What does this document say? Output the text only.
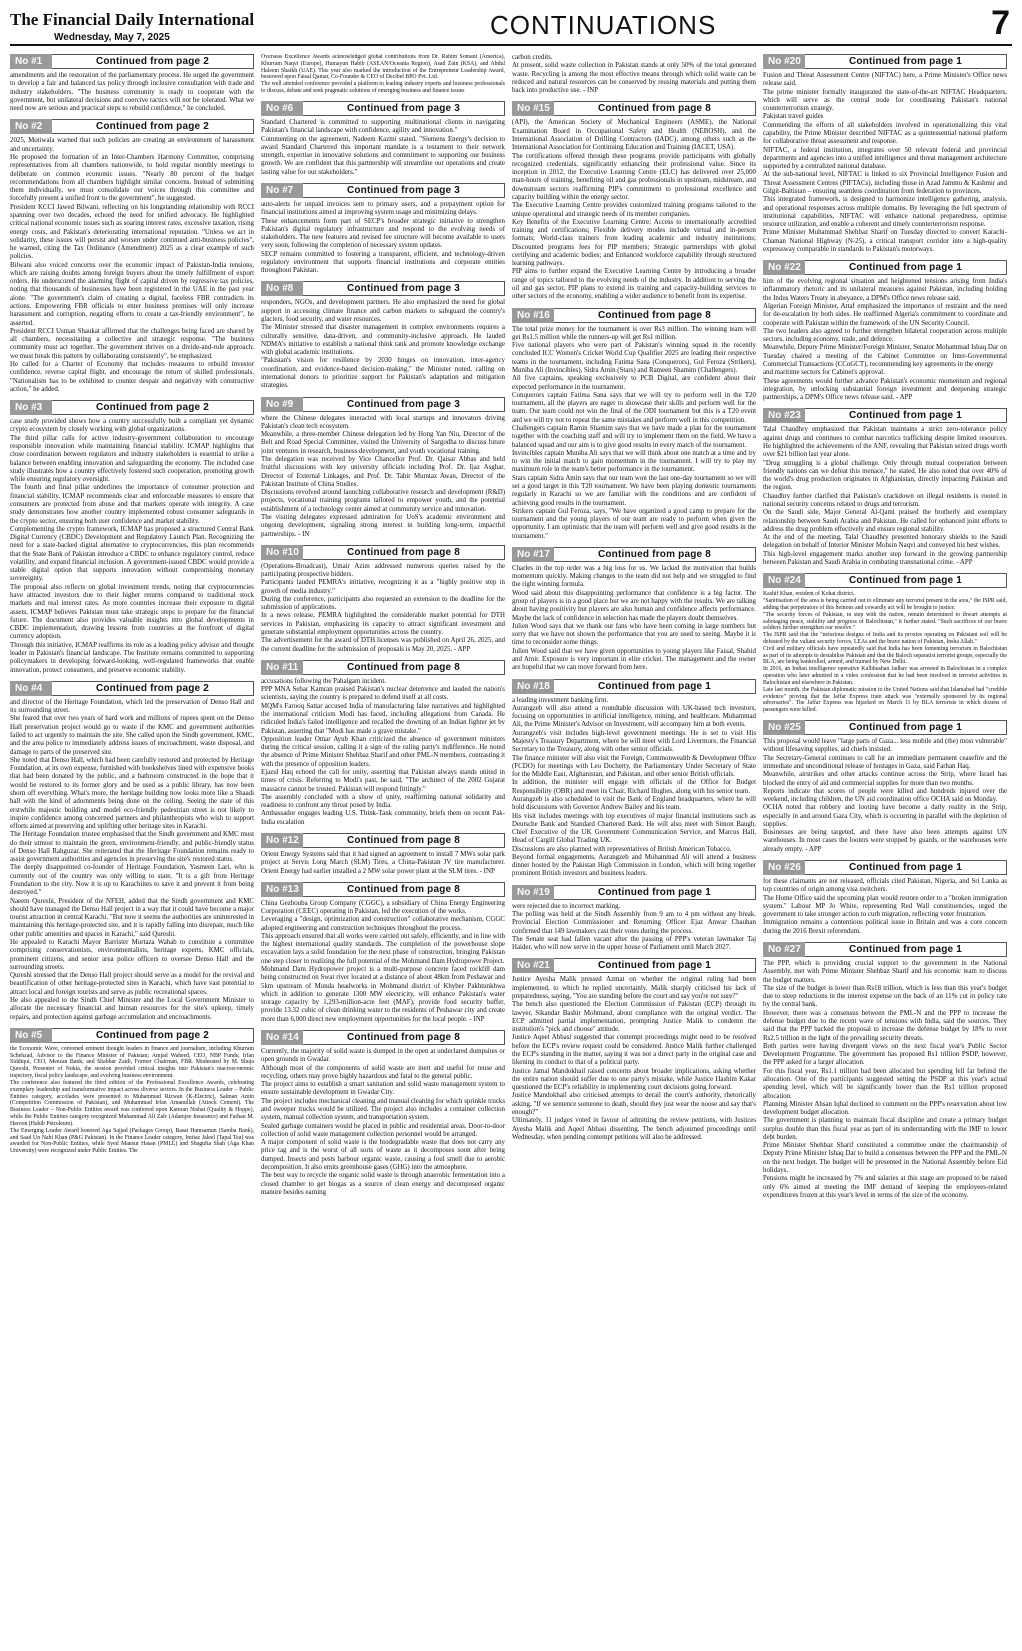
The Financial Daily International
Wednesday, May 7, 2025	CONTINUATIONS	7
No #1	Continued from page 2

amendments and the restoration of the parliamentary process. He urged the government to develop a fair and balanced tax policy through inclusive consultation with trade and industry stakeholders. "The business community is ready to cooperate with the government, but unilateral decisions and coercive tactics will not be tolerated. What we need now are serious and practical steps to rebuild confidence," he concluded.

No #2	Continued from page 2

2025, Motiwala warned that such policies are creating an environment of harassment and uncertainty.

He proposed the formation of an Inter-Chambers Harmony Committee, comprising representatives from all chambers nationwide, to hold regular monthly meetings to deliberate on common economic issues. "Nearly 80 percent of the budget recommendations from all chambers highlight similar concerns. Instead of submitting them individually, we must consolidate our voices through this committee and forcefully present a unified front to the government", he suggested.

President KCCI Jawed Bilwani, reflecting on his longstanding relationship with RCCI spanning over two decades, echoed the need for unified advocacy. He highlighted critical national economic issues such as soaring interest rates, excessive taxation, rising energy costs, and Pakistan's deteriorating international reputation. "Unless we act in solidarity, these issues will persist and worsen under continued anti-business policies", he warned, citing the Tax Ordinance (Amendment) 2025 as a clear example of such policies.

Bilwani also voiced concerns over the economic impact of Pakistan-India tensions, which are raising doubts among foreign buyers about the timely fulfillment of export orders. He underscored the alarming flight of capital driven by regressive tax policies, noting that thousands of businesses have been registered in the UAE in the past year alone. "The government's claim of creating a digital, faceless FBR contradicts its actions. Empowering FBR officials to enter business premises will only increase harassment and corruption, negating efforts to create a tax-friendly environment", he asserted.

President RCCI Usman Shaukat affirmed that the challenges being faced are shared by all chambers, necessitating a collective and strategic response. "The business community must act together. The government thrives on a divide-and-rule approach; we must break this pattern by collaborating consistently", he emphasized.

He called for a Charter of Economy that includes measures to rebuild investor confidence, reverse capital flight, and encourage the return of skilled professionals. "Nationalism has to be exhibited to counter despair and negativity with constructive action," he added.

No #3	Continued from page 2

case study provided shows how a country successfully built a compliant yet dynamic crypto ecosystem by closely working with global organizations.

The third pillar calls for active industry-government collaboration to encourage responsible innovation while maintaining financial stability. ICMAP highlights that close coordination between regulators and industry stakeholders is essential to strike a balance between enabling innovation and safeguarding the economy. The included case study illustrates how a country effectively fostered such cooperation, promoting growth while ensuring regulatory oversight.

The fourth and final pillar underlines the importance of consumer protection and financial stability. ICMAP recommends clear and enforceable measures to ensure that consumers are protected from abuse and that markets operate with integrity. A case study demonstrates how another country implemented robust consumer safeguards in the crypto sector, ensuring both user confidence and market stability.

Complementing the crypto framework, ICMAP has proposed a structured Central Bank Digital Currency (CBDC) Development and Regulatory Launch Plan. Recognizing the need for a state-backed digital alternative to cryptocurrencies, this plan recommends that the State Bank of Pakistan introduce a CBDC to enhance regulatory control, reduce volatility, and expand financial inclusion. A government-issued CBDC would provide a stable digital option that supports innovation without compromising monetary sovereignty.

The proposal also reflects on global investment trends, noting that cryptocurrencies have attracted investors due to their higher returns compared to traditional stock markets and real interest rates. As more countries increase their exposure to digital assets, ICMAP believes Pakistan must take strategic steps to prepare for the financial future. The document also provides valuable insights into global developments in CBDC implementation, drawing lessons from countries at the forefront of digital currency adoption.

Through this initiative, ICMAP reaffirms its role as a leading policy advisor and thought leader in Pakistan's financial landscape. The Institute remains committed to supporting policymakers in developing forward-looking, well-regulated frameworks that enable innovation, protect consumers, and preserve economic stability.

No #4	Continued from page 2

and director of the Heritage Foundation, which led the preservation of Denso Hall and its surrounding street.

She feared that over two years of hard work and millions of rupees spent on the Denso Hall preservation project would go to waste if the KMC and government authorities failed to act urgently to maintain the site. She called upon the Sindh government, KMC, and the area police to immediately address issues of encroachment, waste disposal, and damage to parts of the preserved site.

She noted that Denso Hall, which had been carefully restored and protected by Heritage Foundation, at its own expense, furnished with bookshelves lined with expensive books that had been donated by the public, and a bathroom constructed in the hope that it would be restored to its former glory and be used as a public library, has now been shorn off everything. What's more, the heritage building now looks more like a Shaadi hall with the kind of adornments being done on the ceiling. Seeing the state of this erstwhile majestic building and model eco-friendly pedestrian street is not likely to inspire confidence among concerned partners and philanthropists who wish to support efforts aimed at preserving and uplifting other heritage sites in Karachi.

The Heritage Foundation trustee emphasised that the Sindh government and KMC must do their utmost to maintain the green, environment-friendly, and public-friendly status of Denso Hall Rahguzar. She reiterated that the Heritage Foundation remains ready to assist government authorities and agencies in preserving the site's restored status.

The deeply disappointed co-founder of Heritage Foundation, Yasmeen Lari, who is currently out of the country was only willing to state, "It is a gift from Heritage Foundation to the city. Now it is up to Karachiites to save it and prevent it from being destroyed."

Naeem Qureshi, President of the NFEH, added that the Sindh government and KMC should have managed the Denso Hall project in a way that it could have become a major tourist attraction in central Karachi. "But now it seems the authorities are uninterested in maintaining this heritage-protected site, and it is rapidly falling into disrepair, much like other public amenities and spaces in Karachi," said Qureshi.

He appealed to Karachi Mayor Barrister Murtaza Wahab to constitute a committee comprising conservationists, environmentalists, heritage experts, KMC officials, prominent citizens, and senior area police officers to oversee Denso Hall and the surrounding streets.

Qureshi stressed that the Denso Hall project should serve as a model for the revival and beautification of other heritage-protected sites in Karachi, which have vast potential to attract local and foreign tourists and serve as public recreational spaces.

He also appealed to the Sindh Chief Minister and the Local Government Minister to allocate the necessary financial and human resources for the site's upkeep, timely repairs, and protection against garbage accumulation and encroachments.

No #5	Continued from page 2

the Economic Wave, convened eminent thought leaders in finance and journalism, including Khurram Schehzad, Advisor to the Finance Minister of Pakistan; Amjad Waheed, CEO, NBP Funds; Irfan Siddiqui, CEO, Meezan Bank; and Shabbar Zaidi, Former Chairman, FBR. Moderated by M. Shuja Qureshi, Presenter of Nukta, the session provided critical insights into Pakistan's macroeconomic trajectory, fiscal policy landscape, and evolving business environment.

The conference also featured the third edition of the Professional Excellence Awards, celebrating exemplary leadership and transformative impact across diverse sectors. In the Business Leader – Public Entities category, accolades were presented to Muhammad Rizwan (K-Electric), Salman Amin (Competition Commission of Pakistan), and Muhammad Irfan Amanullah (Attock Cement). The Business Leader – Non-Public Entities award was conferred upon Kamran Nishat (Quality & Hoppe), while the Public Entities category recognized Muhammad Ali Zafr (Adamjee Insurance) and Farhan M. Haroon (Habib Petroleum).

The Emerging Leader Award honored Aga Sajjad (Packages Group), Basat Hamsamun (Samba Bank), and Saad Un Nabi Khan (P&G Pakistan). In the Finance Leader category, Imtiaz Jaleel (Tapal Tea) was awarded for Non-Public Entities, while Syed Mansur Hasan (PMLL) and Shagufta Shah (Aga Khan University) were recognized under Public Entities. The

Overseas Excellence Awards acknowledged global contributions from Dr. Rahim Somani (America), Khurram Naqvi (Europe), Humayun Habib (ASEAN/Oceania Region), Asad Zain (KSA), and Abdul Haleem Shaikh (UAE). This year also marked the introduction of the Entrepreneur Leadership Award, bestowed upon Faisal Qamar, Co-Founder & CEO of Decibel BPO Pvt. Ltd.

The well attended conference provided a platform to leading industry experts and business professionals to discuss, debate and seek pragmatic solutions of emerging business and finance issues

No #6	Continued from page 3

Standard Chartered is committed to supporting multinational clients in navigating Pakistan's financial landscape with confidence, agility and innovation."

Commenting on the agreement, Nadeem Kazmi stated, "Siemens Energy's decision to award Standard Chartered this important mandate is a testament to their network strength, expertise in innovative solutions and commitment to supporting our business growth. We are confident that this partnership will streamline our operations and create lasting value for our stakeholders."

No #7	Continued from page 3

auto-alerts for unpaid invoices sent to primary users, and a prepayment option for financial institutions aimed at improving system usage and minimizing delays.

These enhancements form part of SECP's broader strategic initiative to strengthen Pakistan's digital regulatory infrastructure and respond to the evolving needs of stakeholders. The new features and revised fee structure will become available to users very soon, following the completion of necessary system updates.

SECP remains committed to fostering a transparent, efficient, and technology-driven regulatory environment that supports financial institutions and corporate entities throughout Pakistan.

No #8	Continued from page 3

responders, NGOs, and development partners. He also emphasized the need for global support in accessing climate finance and carbon markets to safeguard the country's glaciers, food security, and water resources.

The Minister stressed that disaster management in complex environments requires a culturally sensitive, data-driven, and community-inclusive approach. He lauded NDMA's initiative to establish a national think tank and promote knowledge exchange with global academic institutions.

"Pakistan's vision for resilience by 2030 hinges on innovation, inter-agency coordination, and evidence-based decision-making," the Minister noted, calling on international donors to prioritize support for Pakistan's adaptation and mitigation strategies.

No #9	Continued from page 3

where the Chinese delegates interacted with local startups and innovators driving Pakistan's clean tech ecosystem.

Meanwhile, a three-member Chinese delegation led by Hong Yan Niu, Director of the Belt and Road Special Committee, visited the University of Sargodha to discuss future joint ventures in research, business development, and youth vocational training.

The delegation was received by Vice Chancellor Prof. Dr. Qaisar Abbas and held fruitful discussions with key university officials including Prof. Dr. Ijaz Asghar, Director of External Linkages, and Prof. Dr. Tahir Mumtaz Awan, Director of the Pakistan Institute of China Studies.

Discussions revolved around launching collaborative research and development (R&D) projects, vocational training programs tailored to empower youth, and the potential establishment of a technology center aimed at community service and innovation.

The visiting delegates expressed admiration for UoS's academic environment and ongoing development, signaling strong interest in building long-term, impactful partnerships. - IN

No #10	Continued from page 8

(Operations-Broadcast), Umair Azim addressed numerous queries raised by the participating prospective bidders.

Participants lauded PEMRA's initiative, recognizing it as a "highly positive step in growth of media industry."

During the conference, participants also requested an extension to the deadline for the submission of applications.

In a news release, PEMRA highlighted the considerable market potential for DTH services in Pakistan, emphasizing its capacity to attract significant investment and generate substantial employment opportunities across the country.

The advertisement for the award of DTH licenses was published on April 26, 2025, and the current deadline for the submission of proposals is May 20, 2025. - APP

No #11	Continued from page 8

accusations following the Pahalgam incident.

PPP MNA Sehar Kamran praised Pakistan's nuclear deterrence and lauded the nation's scientists, saying the country is prepared to defend itself at all costs.

MQM's Farooq Sattar accused India of manufacturing false narratives and highlighted the international criticism Modi has faced, including allegations from Canada. He ridiculed India's failed intelligence and recalled the downing of an Indian fighter jet by Pakistan, asserting that "Modi has made a grave mistake."

Opposition leader Omar Ayub Khan criticized the absence of government ministers during the critical session, calling it a sign of the ruling party's indifference. He noted the absence of Prime Minister Shehbaz Sharif and other PML-N members, contrasting it with the presence of opposition leaders.

Ejazul Haq echoed the call for unity, asserting that Pakistan always stands united in times of crisis. Referring to Modi's past, he said, "The architect of the 2002 Gujarat massacre cannot be trusted. Pakistan will respond fittingly."

The assembly concluded with a show of unity, reaffirming national solidarity and readiness to confront any threat posed by India.

Ambassador engages leading U.S. Think-Tank community, briefs them on recent Pak-India escalation

No #12	Continued from page 8

Orient Energy Systems said that it had signed an agreement to install 7 MWs solar park project at Servis Long March (SLM) Tires, a China-Pakistan JV tire manufacturer. Orient Energy had earlier installed a 2 MW solar power plant at the SLM tires. - INP

No #13	Continued from page 8

China Gezhouba Group Company (CGGC), a subsidiary of China Energy Engineering Corporation (CEEC) operating in Pakistan, led the execution of the works.

Leveraging a "design, optimization and construction" collaborative mechanism, CGGC adopted engineering and construction techniques throughout the process.

This approach ensured that all works were carried out safely, efficiently, and in line with the highest international quality standards. The completion of the powerhouse slope excavation lays a solid foundation for the next phase of construction, bringing Pakistan one step closer to realizing the full potential of the Mohmand Dam Hydropower Project.

Mohmand Dam Hydropower project is a multi-purpose concrete faced rockfill dam being constructed on Swat river located at a distance of about 48km from Peshawar and 5km upstream of Munda headworks in Mohmand district of Khyber Pakhtunkhwa which in addition to generate 1300 MW electricity, will enhance Pakistan's water storage capacity by 1,293-million-acre feet (MAF), provide food security buffer, provide 13.32 cubic of clean drinking water to the residents of Peshawar city and create more than 6,000 direct new employment opportunities for the local people. - INP

No #14	Continued from page 8

Currently, the majority of solid waste is dumped in the open at undeclared dumpsites or open grounds in Gwadar.

Although most of the components of solid waste are inert and useful for reuse and recycling, others may prove highly hazardous and fatal to the general public.

The project aims to establish a smart sanitation and solid waste management system to ensure sustainable development in Gwadar City.

The project includes mechanical cleaning and manual cleaning for which sprinkle trucks and sweeper trucks would be utilized. The project also includes a container collection system, manual collection system, and transportation system.

Sealed garbage containers would be placed in public and residential areas. Door-to-door collection of solid waste management collection personnel would be arranged.

A major component of solid waste is the biodegradable waste that does not carry any price tag and is the worst of all sorts of waste as it decomposes soon after being dumped. Insects and pests harbour organic waste, causing a foul smell due to aerobic decomposition. It also emits greenhouse gases (GHG) into the atmosphere.

The best way to recycle the organic solid waste is through anaerobic fermentation into a closed chamber to get biogas as a source of clean energy and decomposed organic manure besides earning

carbon credits.

At present, solid waste collection in Pakistan stands at only 50% of the total generated waste. Recycling is among the most effective means through which solid waste can be reduced and natural resources can be conserved by reusing materials and putting them back into productive use. - INP

No #15	Continued from page 8

(API), the American Society of Mechanical Engineers (ASME), the National Examination Board in Occupational Safety and Health (NEBOSH), and the International Association of Drilling Contractors (IADC), among others such as the International Association for Continuing Education and Training (IACET, USA).

The certifications offered through these programs provide participants with globally recognized credentials, significantly enhancing their professional value. Since its inception in 2012, the Executive Learning Centre (ELC) has delivered over 25,000 man-hours of training, benefiting oil and gas professionals in upstream, midstream, and downstream sectors reaffirming PIP's commitment to professional excellence and capacity building within the energy sector.

The Executive Learning Centre provides customized training programs tailored to the unique operational and strategic needs of its member companies.

Key Benefits of the Executive Learning Centre: Access to internationally accredited training and certifications; Flexible delivery modes include virtual and in-person formats; World-class trainers from leading academic and industry institutions; Discounted programs fees for PIP members; Strategic partnerships with global certifying and academic bodies; and Enhanced workforce capability through structured learning pathways.

PIP aims to further expand the Executive Learning Centre by introducing a broader range of topics tailored to the evolving needs of the industry. In addition to serving the oil and gas sector, PIP plans to extend its training and capacity-building services to other sectors of the economy, enabling a wider audience to benefit from its expertise.

No #16	Continued from page 8

The total prize money for the tournament is over Rs3 million. The winning team will get Rs1.5 million while the runners-up will get Rs1 million.

Five national players who were part of Pakistan's winning squad in the recently concluded ICC Women's Cricket World Cup Qualifier 2025 are leading their respective teams in the tournament, including Fatima Sana (Conquerors), Gul Feroza (Strikers), Muniba Ali (Invincibles), Sidra Amin (Stars) and Rameen Shamim (Challengers).

All five captains, speaking exclusively to PCB Digital, are confident about their expected performance in the tournament.

Conquerors captain Fatima Sana says that we will try to perform well in the T20 tournament, all the players are eager to showcase their skills and perform well for the team. Our team could not win the final of the ODI tournament but this is a T20 event and we will try not to repeat the same mistakes and perform well in this competition.

Challengers captain Ramin Shamim says that we have made a plan for the tournament together with the coaching staff and will try to implement them on the field. We have a balanced squad and our aim is to give good results in every match of the tournament.

Invincibles captain Muniba Ali says that we will think about one match at a time and try to win the initial match to gain momentum in the tournament. I will try to play my maximum role in the team's better performance in the tournament.

Stars captain Sidra Amin says that our team won the last one-day tournament so we will set a good target in this T20 tournament. We have been playing domestic tournaments regularly in Karachi so we are familiar with the conditions and are confident of achieving good results in the tournament.

Strikers captain Gul Feroza, says, "We have organized a good camp to prepare for the tournament and the young players of our team are ready to perform when given the opportunity. I am optimistic that the team will perform well and give good results in the tournament."

No #17	Continued from page 8

Charles in the top order was a big loss for us. We lacked the motivation that builds momentum quickly. Making changes to the team did not help and we struggled to find the right winning formula.

Wood said about this disappointing performance that confidence is a big factor. The group of players is in a good place but we are not happy with the results. We are talking about having positivity but players are also human and confidence affects performance. Maybe the lack of confidence in selection has made the players doubt themselves.

Julien Wood says that we thank our fans who have been coming in large numbers but sorry that we have not shown the performance that you are used to seeing. Maybe it is time to reconsider some things.

Julien Wood said that we have given opportunities to young players like Faisal, Shahid and Amir. Exposure is very important in elite cricket. The management and the owner are hopeful that we can move forward from here.

No #18	Continued from page 1

a leading investment banking firm.

Aurangzeb will also attend a roundtable discussion with UK-based tech investors, focusing on opportunities in artificial intelligence, mining, and healthcare. Muhammad Ali, the Prime Minister's Advisor on Investment, will accompany him at both events.

Aurangzeb's visit includes high-level government meetings. He is set to visit His Majesty's Treasury Department, where he will meet with Lord Livermore, the Financial Secretary to the Treasury, along with other senior officials.

The finance minister will also visit the Foreign, Commonwealth & Development Office (FCDO) for meetings with Leo Docherty, the Parliamentary Under Secretary of State for the Middle East, Afghanistan, and Pakistan, and other senior British officials.

In addition, the minister will engage with officials of the Office for Budget Responsibility (OBR) and meet its Chair, Richard Hughes, along with his senior team.

Aurangzeb is also scheduled to visit the Bank of England headquarters, where he will hold discussions with Governor Andrew Bailey and his team.

His visit includes meetings with top executives of major financial institutions such as Deutsche Bank and Standard Chartered Bank. He will also meet with Simon Baugh, Chief Executive of the UK Government Communication Service, and Marcus Hall, Head of Cargill Global Trading UK.

Discussions are also planned with representatives of British American Tobacco.

Beyond formal engagements, Aurangzeb and Muhammad Ali will attend a business dinner hosted by the Pakistan High Commission in London, which will bring together prominent British investors and business leaders.

No #19	Continued from page 1

were rejected due to incorrect marking.

The polling was held at the Sindh Assembly from 9 am to 4 pm without any break. Provincial Election Commissioner and Returning Officer Ejaz Anwar Chauhan confirmed that 149 lawmakers cast their votes during the process.

The Senate seat had fallen vacant after the passing of PPP's veteran lawmaker Taj Haider, who will now serve in the upper house of Parliament until March 2027.

No #21	Continued from page 1

Justice Ayesha Malik pressed Azmat on whether the original ruling had been implemented, to which he replied uncertainly. Malik sharply criticised his lack of preparedness, saying, "You are standing before the court and say you're not sure?"

The bench also questioned the Election Commission of Pakistan (ECP) through its lawyer, Sikandar Bashir Mohmand, about compliance with the original verdict. The ECP admitted partial implementation, prompting Justice Malik to condemn the institution's "pick and choose" attitude.

Justice Aqeel Abbasi suggested that contempt proceedings might need to be resolved before the ECP's review request could be considered. Justice Malik further challenged the ECP's standing in the matter, saying it was not a direct party in the original case and likening its conduct to that of a political party.

Justice Jamal Mandokhail raised concerns about broader implications, asking whether the entire nation should suffer due to one party's mistake, while Justice Hashim Kakar questioned the ECP's reliability in implementing court decisions going forward.

Justice Mandokhail also criticised attempts to derail the court's authority, rhetorically asking, "If we sentence someone to death, should they just wear the noose and say that's enough?"

Ultimately, 11 judges voted in favour of admitting the review petitions, with Justices Ayesha Malik and Aqeel Abbasi dissenting. The bench adjourned proceedings until Wednesday, when pending contempt petitions will also be addressed.

No #20	Continued from page 1

Fusion and Threat Assessment Centre (NIFTAC) here, a Prime Minister's Office news release said.

The prime minister formally inaugurated the state-of-the-art NIFTAC Headquarters, which will serve as the central node for coordinating Pakistan's national counterterrorism strategy.

Pakistan travel guides

Commending the efforts of all stakeholders involved in operationalizing this vital capability, the Prime Minister described NIFTAC as a quintessential national platform for collaborative threat assessment and response.

NIFTAC, a federal institution, integrates over 50 relevant federal and provincial departments and agencies into a unified intelligence and threat management architecture supported by a centralized national database.

At the sub-national level, NIFTAC is linked to six Provincial Intelligence Fusion and Threat Assessment Centres (PIFTACs), including those in Azad Jammu & Kashmir and Gilgit-Baltistan – ensuring seamless coordination from federation to provinces.

This integrated framework, is designed to harmonize intelligence gathering, analysis, and operational responses across multiple domains. By leveraging the full spectrum of institutional capabilities, NIFTAC will enhance national preparedness, optimise resource utilization, and enable a coherent and timely counterterrorism response.

Prime Minister Muhammad Shehbaz Sharif on Tuesday directed to convert Karachi-Chaman National Highway (N-25), a critical transport corridor into a high-quality expressway comparable in standards to Pakistan's motorways.

No #22	Continued from page 1

him of the evolving regional situation and heightened tensions arising from India's inflammatory rhetoric and its unilateral measures against Pakistan, including holding the Indus Waters Treaty in abeyance, a DPM's Office news release said.

Algerian Foreign Minister, Attaf emphasized the importance of restraint and the need for de-escalation by both sides. He reaffirmed Algeria's commitment to coordinate and cooperate with Pakistan within the framework of the UN Security Council.

The two leaders also agreed to further strengthen bilateral cooperation across multiple sectors, including economy, trade, and defence.

Meanwhile, Deputy Prime Minister/Foreign Minister, Senator Mohammad Ishaq Dar on Tuesday chaired a meeting of the Cabinet Committee on Inter-Governmental Commercial Transactions (CCoGCT), recommending key agreements in the energy

and maritime sectors for Cabinet's approval.

These agreements would further advance Pakistan's economic momentum and regional integration, by unlocking substantial foreign investment and deepening strategic partnerships, a DPM's Office news release said. - APP

No #23	Continued from page 1

Talal Chaudhry emphasized that Pakistan maintains a strict zero-tolerance policy against drugs and continues to combat narcotics trafficking despite limited resources. He highlighted the achievements of the ANF, revealing that Pakistan seized drugs worth over $21 billion last year alone.

"Drug smuggling is a global challenge. Only through mutual cooperation between friendly nations can we defeat this menace," he stated. He also noted that over 40% of the world's drug production originates in Afghanistan, directly impacting Pakistan and the region.

Chaudhry further clarified that Pakistan's crackdown on illegal residents is rooted in national security concerns related to drugs and terrorism.

On the Saudi side, Major General Al-Qami praised the brotherly and exemplary relationship between Saudi Arabia and Pakistan. He called for enhanced joint efforts to address the drug problem effectively and ensure regional stability.

At the end of the meeting, Talal Chaudhry presented honorary shields to the Saudi delegation on behalf of Interior Minister Mohsin Naqvi and conveyed his best wishes.

This high-level engagement marks another step forward in the growing partnership between Pakistan and Saudi Arabia in combating transnational crime. - APP

No #24	Continued from page 1

Kashif Khan, resident of Kohat district.

"Sanitisation of the area is being carried out to eliminate any terrorist present in the area," the ISPR said, adding that perpetrators of this heinous and cowardly act will be brought to justice.

"The security forces of Pakistan, in step with the nation, remain determined to thwart attempts at sabotaging peace, stability and progress of Balochistan," it further stated. "Such sacrifices of our brave soldiers further strengthen our resolve."

The ISPR said that the "nefarious designs of India and its proxies operating on Pakistani soil will be defeated by the valiant security forces, LEAs and the brave nation of Pakistan, Insha Allah."

Civil and military officials have repeatedly said that India has been fomenting terrorism in Balochistan as part of its attempts to destabilise Pakistan and that the Baloch separatist terrorist groups, especially the BLA, are being bankrolled, armed, and trained by New Delhi.

In 2016, an Indian intelligence operative Kulbhushan Jadhav was arrested in Balochistan in a complex operation who later admitted in a video confession that he had been involved in terrorist activities in Balochistan and elsewhere in Pakistan.

Late last month, the Pakistan diplomatic mission to the United Nations said that Islamabad had "credible evidence" proving that the Jaffar Express train attack was "externally sponsored by its regional adversaries". The Jaffar Express was hijacked on March 11 by BLA terrorists in which dozens of passengers were killed.

No #25	Continued from page 1

This proposal would leave "large parts of Gaza... less mobile and (the) most vulnerable" without lifesaving supplies, aid chiefs insisted.

The Secretary-General continues to call for an immediate permanent ceasefire and the immediate and unconditional release of hostages in Gaza, said Farhan Haq.

Meanwhile, airstrikes and other attacks continue across the Strip, where Israel has blocked the entry of aid and commercial supplies for more than two months.

Reports indicate that scores of people were killed and hundreds injured over the weekend, including children, the UN aid coordination office OCHA said on Monday.

OCHA noted that robbery and looting have become a daily reality in the Strip, especially in and around Gaza City, which is occurring in parallel with the depletion of supplies.

Businesses are being targeted, and there have also been attempts against UN warehouses. In most cases the looters were stopped by guards, or the warehouses were already empty. - APP

No #26	Continued from page 1

for these claimants are not released, officials cited Pakistan, Nigeria, and Sri Lanka as top countries of origin among visa switchers.

The Home Office said the upcoming plan would restore order to a "broken immigration system." Labour MP Jo White, representing Red Wall constituencies, urged the government to take stronger action to curb migration, reflecting voter frustration.

Immigration remains a contentious political issue in Britain and was a core concern during the 2016 Brexit referendum.

No #27	Continued from page 1

The PPP, which is providing crucial support to the government in the National Assembly, met with Prime Minister Shehbaz Sharif and his economic team to discuss the budget matters.

The size of the budget is lower than Rs18 trillion, which is less than this year's budget due to steep reductions in the interest expense on the back of an 11% cut in policy rate by the central bank.

However, there was a consensus between the PML-N and the PPP to increase the defense budget due to the recent wave of tensions with India, said the sources. They said that the PPP backed the proposal to increase the defense budget by 18% to over Rs2.5 trillion in the light of the prevailing security threats.

Both parties were having divergent views on the next fiscal year's Public Sector Development Programme. The government has proposed Rs1 trillion PSDP, however, the PPP asked for a larger allocation.

For this fiscal year, Rs1.1 trillion had been allocated but spending fell far behind the allocation. One of the participants suggested setting the PSDP at this year's actual spending level, which will be significantly lower than the Rs1 trillion proposed allocation.

Planning Minister Ahsan Iqbal declined to comment on the PPP's reservation about low development budget allocation.

The government is planning to maintain fiscal discipline and create a primary budget surplus double than this fiscal year as part of its understanding with the IMF to lower debt burden.

Prime Minister Shehbaz Sharif constituted a committee under the chairmanship of Deputy Prime Minister Ishaq Dar to build a consensus between the PPP and the PML-N on the next budget. The budget will be presented in the National Assembly before Eid holidays.

Pensions might be increased by 7% and salaries at this stage are proposed to be raised only 6% aimed at meeting the IMF demand of keeping the employees-related expenditures frozen at this year's level in terms of the size of the economy.
